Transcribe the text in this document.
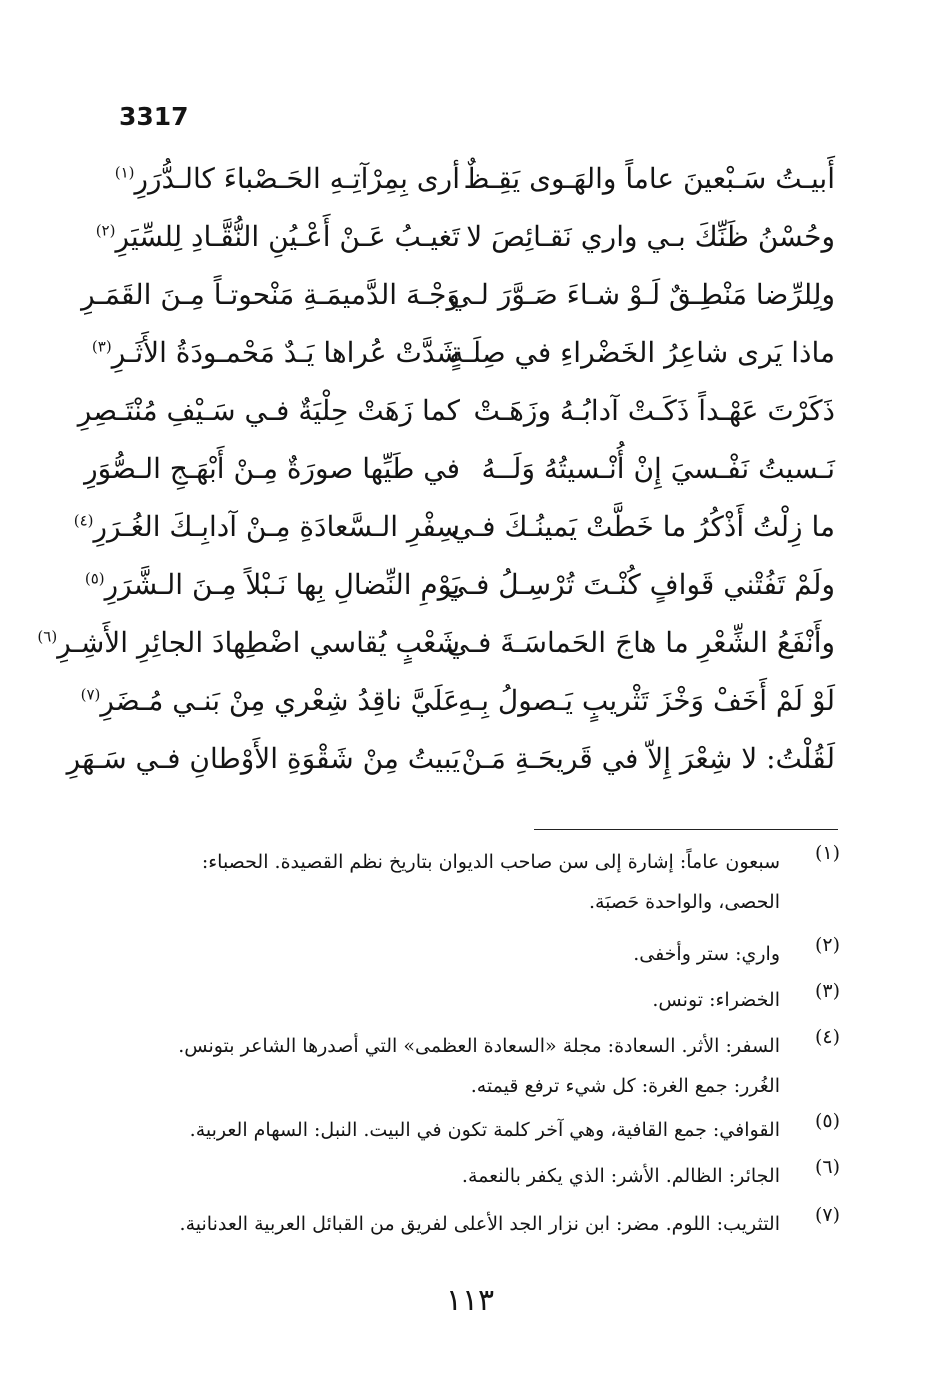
3317
أَبيـتُ سَـبْعينَ عاماً والهَـوى يَقِـظٌ
أرى بِمِرْآتِـهِ الحَـصْباءَ كالـدُّرَرِ$^{(١)}$
وحُسْنُ ظَنِّكَ بـي واري نَقـائِصَ لا
تَغيـبُ عَـنْ أَعْـيُنِ النُّقَّـادِ لِلسِّيَرِ$^{(٢)}$
ولِلرِّضا مَنْطِـقٌ لَـوْ شـاءَ صَـوَّرَ لـي
وَجْـهَ الدَّميمَـةِ مَنْحوتـاً مِـنَ القَمَـرِ
ماذا يَرى شاعِرُ الخَضْراءِ في صِلَـةٍ
شَدَّتْ عُراها يَـدٌ مَحْمـودَةُ الأَثَـرِ$^{(٣)}$
ذَكَرْتَ عَهْـداً ذَكَـتْ آدابُـهُ وزَهَـتْ
كما زَهَتْ حِلْيَةٌ فـي سَـيْفِ مُنْتَـصِرِ
نَـسيتُ نَفْـسيَ إِنْ أُنْـسيتُهُ وَلَــهُ
في طَيِّها صورَةٌ مِـنْ أَبْهَـجِ الـصُّوَرِ
ما زِلْتُ أَذْكُرُ ما خَطَّتْ يَمينُـكَ فـي
سِفْرِ الـسَّعادَةِ مِـنْ آدابِـكَ الغُـرَرِ$^{(٤)}$
ولَمْ تَفُتْني قَوافٍ كُنْـتَ تُرْسِـلُ فـي
يَوْمِ النِّضالِ بِها نَـبْلاً مِـنَ الـشَّرَرِ$^{(٥)}$
وأَنْفَعُ الشِّعْرِ ما هاجَ الحَماسَـةَ فـي
شَعْبٍ يُقاسي اضْطِهادَ الجائِرِ الأَشِـرِ$^{(٦)}$
لَوْ لَمْ أَخَفْ وَخْزَ تَثْريبٍ يَـصولُ بِـهِ
عَلَيَّ ناقِدُ شِعْري مِنْ بَنـي مُـضَرِ$^{(٧)}$
لَقُلْتُ: لا شِعْرَ إِلاّ في قَريحَـةِ مَـنْ
يَبيتُ مِنْ شَقْوَةِ الأَوْطانِ فـي سَـهَرِ
(١)
سبعون عاماً: إشارة إلى سن صاحب الديوان بتاريخ نظم القصيدة. الحصباء:
الحصى، والواحدة حَصبَة.
(٢)
واري: ستر وأخفى.
(٣)
الخضراء: تونس.
(٤)
السفر: الأثر. السعادة: مجلة «السعادة العظمى» التي أصدرها الشاعر بتونس.
الغُرر: جمع الغرة: كل شيء ترفع قيمته.
(٥)
القوافي: جمع القافية، وهي آخر كلمة تكون في البيت. النبل: السهام العربية.
(٦)
الجائر: الظالم. الأشر: الذي يكفر بالنعمة.
(٧)
التثريب: اللوم. مضر: ابن نزار الجد الأعلى لفريق من القبائل العربية العدنانية.
١١٣
